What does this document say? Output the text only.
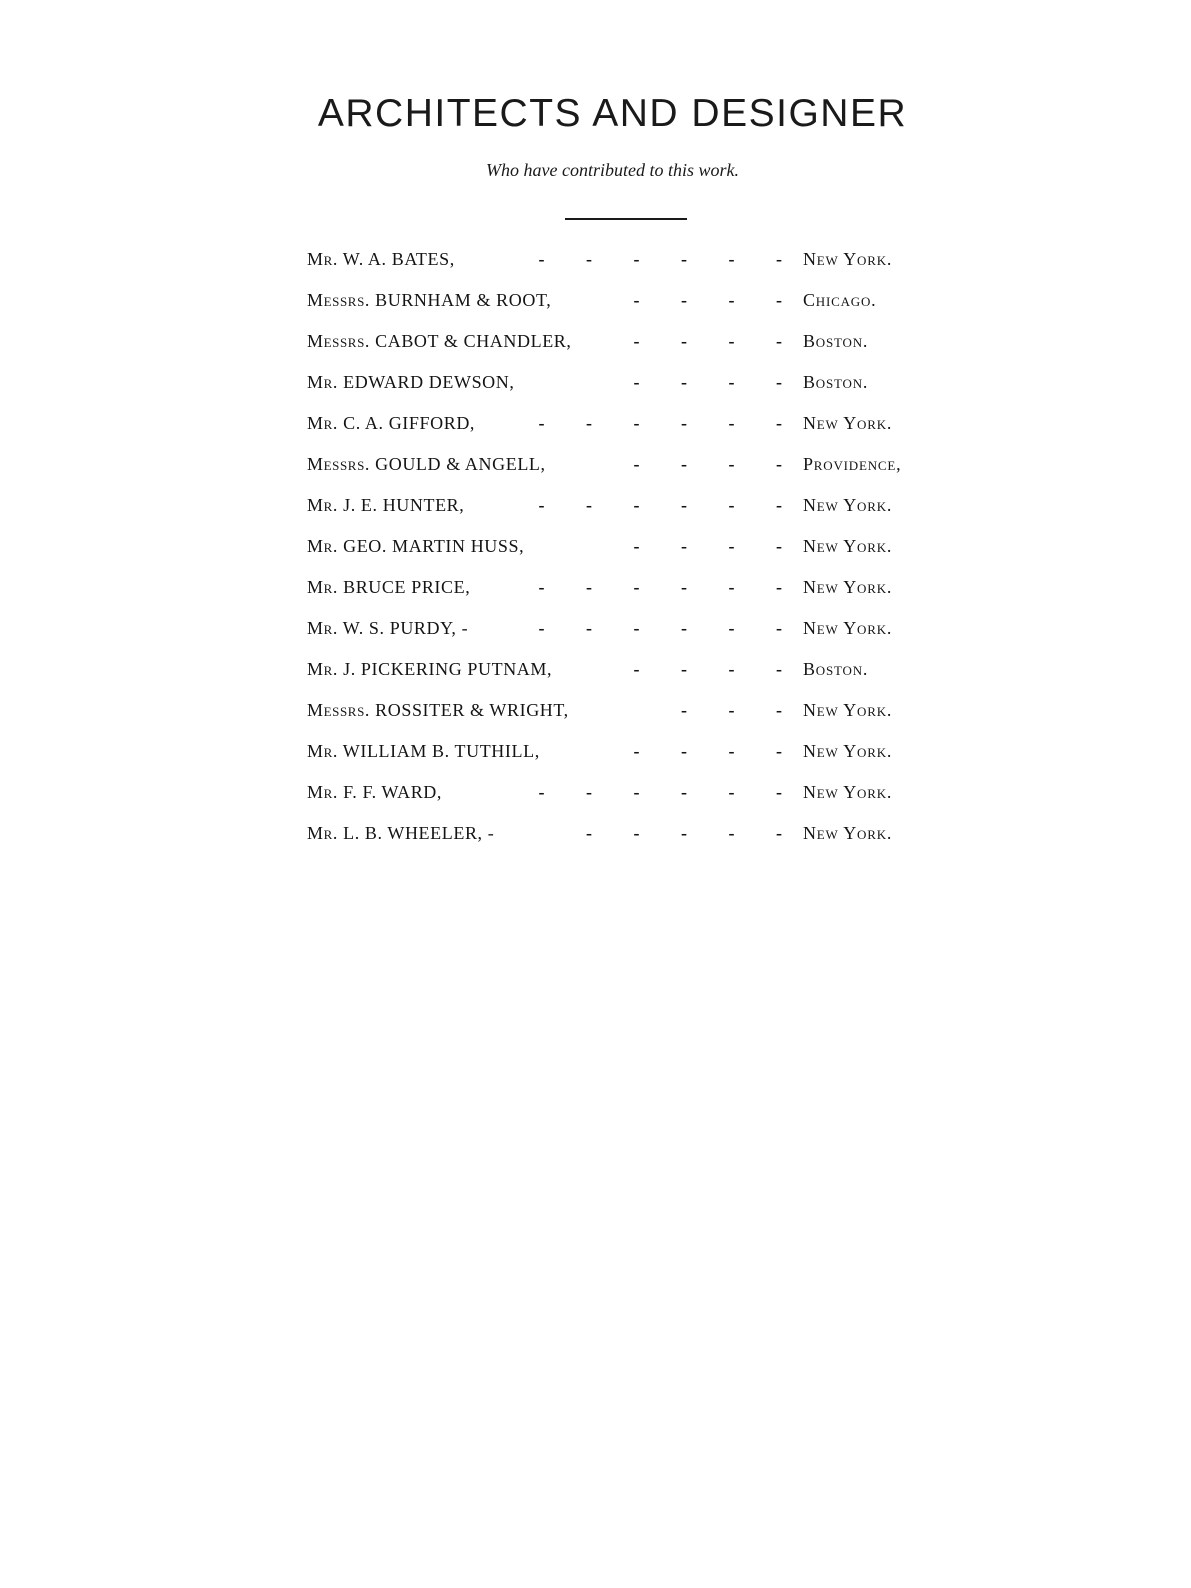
ARCHITECTS AND DESIGNER

Who have contributed to this work.

Mr. W. A. BATES,	- - - - - - New York.
Messrs. BURNHAM & ROOT,	- - - - Chicago.
Messrs. CABOT & CHANDLER,	- - - - Boston.
Mr. EDWARD DEWSON,	- - - - Boston.
Mr. C. A. GIFFORD,	- - - - - - New York.
Messrs. GOULD & ANGELL,	- - - - Providence,
Mr. J. E. HUNTER,	- - - - - - New York.
Mr. GEO. MARTIN HUSS,	- - - - New York.
Mr. BRUCE PRICE,	- - - - - - New York.
Mr. W. S. PURDY, -	- - - - - - New York.
Mr. J. PICKERING PUTNAM,	- - - - Boston.
Messrs. ROSSITER & WRIGHT,	- - - New York.
Mr. WILLIAM B. TUTHILL,	- - - - New York.
Mr. F. F. WARD,	- - - - - - New York.
Mr. L. B. WHEELER, -	- - - - - New York.
